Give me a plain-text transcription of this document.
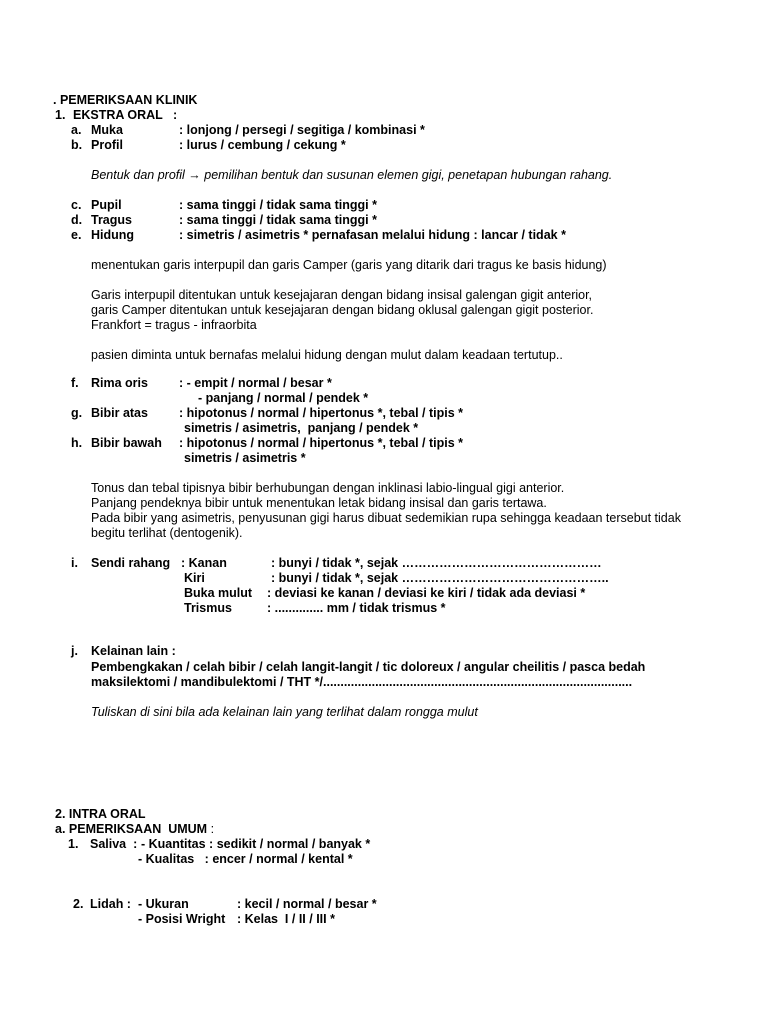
. PEMERIKSAAN KLINIK
1. EKSTRA ORAL   :
a. Muka	: lonjong / persegi / segitiga / kombinasi *
b. Profil	: lurus / cembung / cekung *
Bentuk dan profil → pemilihan bentuk dan susunan elemen gigi, penetapan hubungan rahang.
c. Pupil	: sama tinggi / tidak sama tinggi *
d. Tragus	: sama tinggi / tidak sama tinggi *
e. Hidung	: simetris / asimetris * pernafasan melalui hidung : lancar / tidak *
menentukan garis interpupil dan garis Camper (garis yang ditarik dari tragus ke basis hidung)
Garis interpupil ditentukan untuk kesejajaran dengan bidang insisal galengan gigit anterior,
garis Camper ditentukan untuk kesejajaran dengan bidang oklusal galengan gigit posterior.
Frankfort = tragus - infraorbita
pasien diminta untuk bernafas melalui hidung dengan mulut dalam keadaan tertutup..
f. Rima oris : - empit / normal / besar *
- panjang / normal / pendek *
g. Bibir atas : hipotonus / normal / hipertonus *, tebal / tipis *
simetris / asimetris,  panjang / pendek *
h. Bibir bawah : hipotonus / normal / hipertonus *, tebal / tipis *
simetris / asimetris *
Tonus dan tebal tipisnya bibir berhubungan dengan inklinasi labio-lingual gigi anterior.
Panjang pendeknya bibir untuk menentukan letak bidang insisal dan garis tertawa.
Pada bibir yang asimetris, penyusunan gigi harus dibuat sedemikian rupa sehingga keadaan tersebut tidak
begitu terlihat (dentogenik).
i. Sendi rahang : Kanan	: bunyi / tidak *, sejak …………………………………………
Kiri	: bunyi / tidak *, sejak …………………………………………..
Buka mulut : deviasi ke kanan / deviasi ke kiri / tidak ada deviasi *
Trismus	: .............. mm / tidak trismus *
j. Kelainan lain :
Pembengkakan / celah bibir / celah langit-langit / tic doloreux / angular cheilitis / pasca bedah
maksilektomi / mandibulektomi / THT */.........................................................................................
Tuliskan di sini bila ada kelainan lain yang terlihat dalam rongga mulut
2. INTRA ORAL
a. PEMERIKSAAN  UMUM :
1. Saliva  : - Kuantitas : sedikit / normal / banyak *
- Kualitas   : encer / normal / kental *
2. Lidah : - Ukuran	: kecil / normal / besar *
- Posisi Wright : Kelas  I / II / III *
